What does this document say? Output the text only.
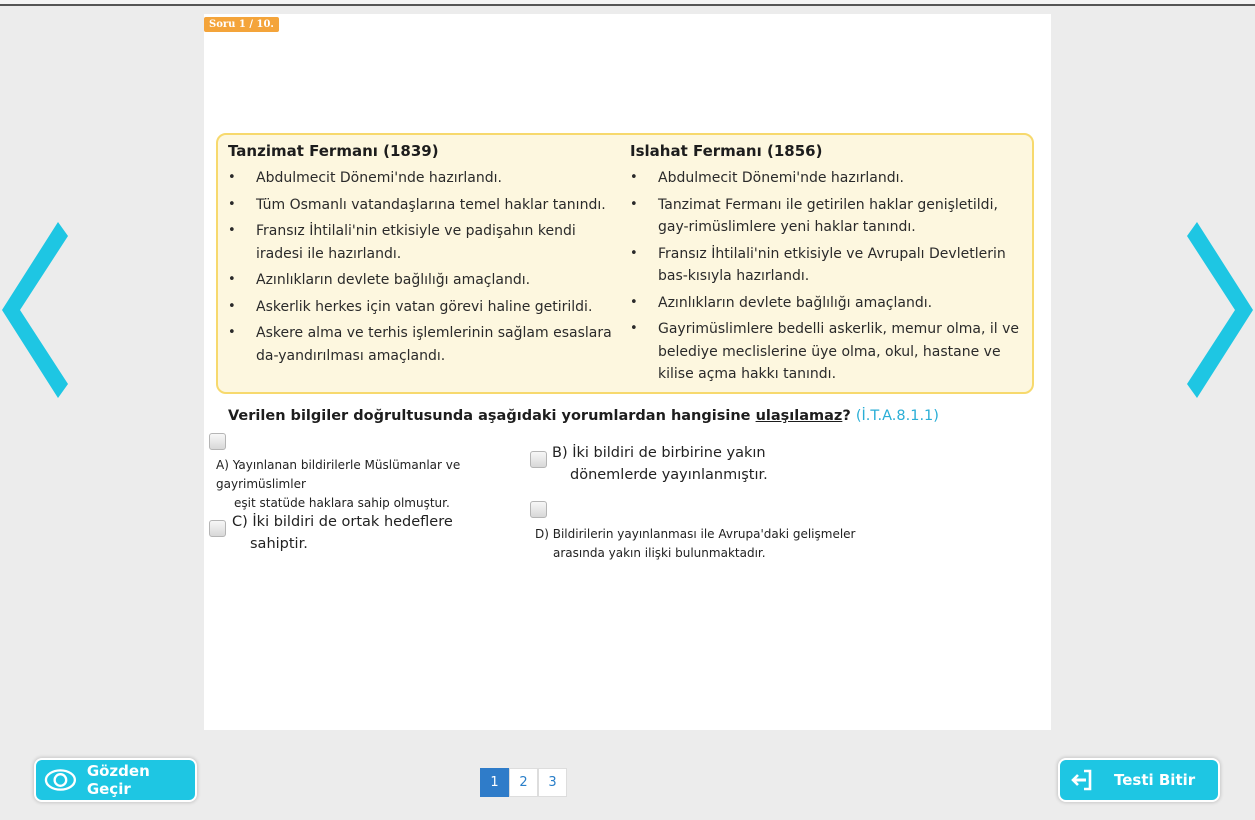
Soru 1 / 10.
Tanzimat Fermanı (1839)
• Abdulmecit Dönemi'nde hazırlandı.
• Tüm Osmanlı vatandaşlarına temel haklar tanındı.
• Fransız İhtilali'nin etkisiyle ve padişahın kendi iradesi ile hazırlandı.
• Azınlıkların devlete bağlılığı amaçlandı.
• Askerlik herkes için vatan görevi haline getirildi.
• Askere alma ve terhis işlemlerinin sağlam esaslara da-yandırılması amaçlandı.
Islahat Fermanı (1856)
• Abdulmecit Dönemi'nde hazırlandı.
• Tanzimat Fermanı ile getirilen haklar genişletildi, gay-rimüslimlere yeni haklar tanındı.
• Fransız İhtilali'nin etkisiyle ve Avrupalı Devletlerin bas-kısıyla hazırlandı.
• Azınlıkların devlete bağlılığı amaçlandı.
• Gayrimüslimlere bedelli askerlik, memur olma, il ve belediye meclislerine üye olma, okul, hastane ve kilise açma hakkı tanındı.
Verilen bilgiler doğrultusunda aşağıdaki yorumlardan hangisine ulaşılamaz? (İ.T.A.8.1.1)
A) Yayınlanan bildirilerle Müslümanlar ve gayrimüslimler
eşit statüde haklara sahip olmuştur.
B) İki bildiri de birbirine yakın
dönemlerde yayınlanmıştır.
C) İki bildiri de ortak hedeflere
sahiptir.
D) Bildirilerin yayınlanması ile Avrupa'daki gelişmeler
arasında yakın ilişki bulunmaktadır.
Gözden Geçir	1	2	3	Testi Bitir
